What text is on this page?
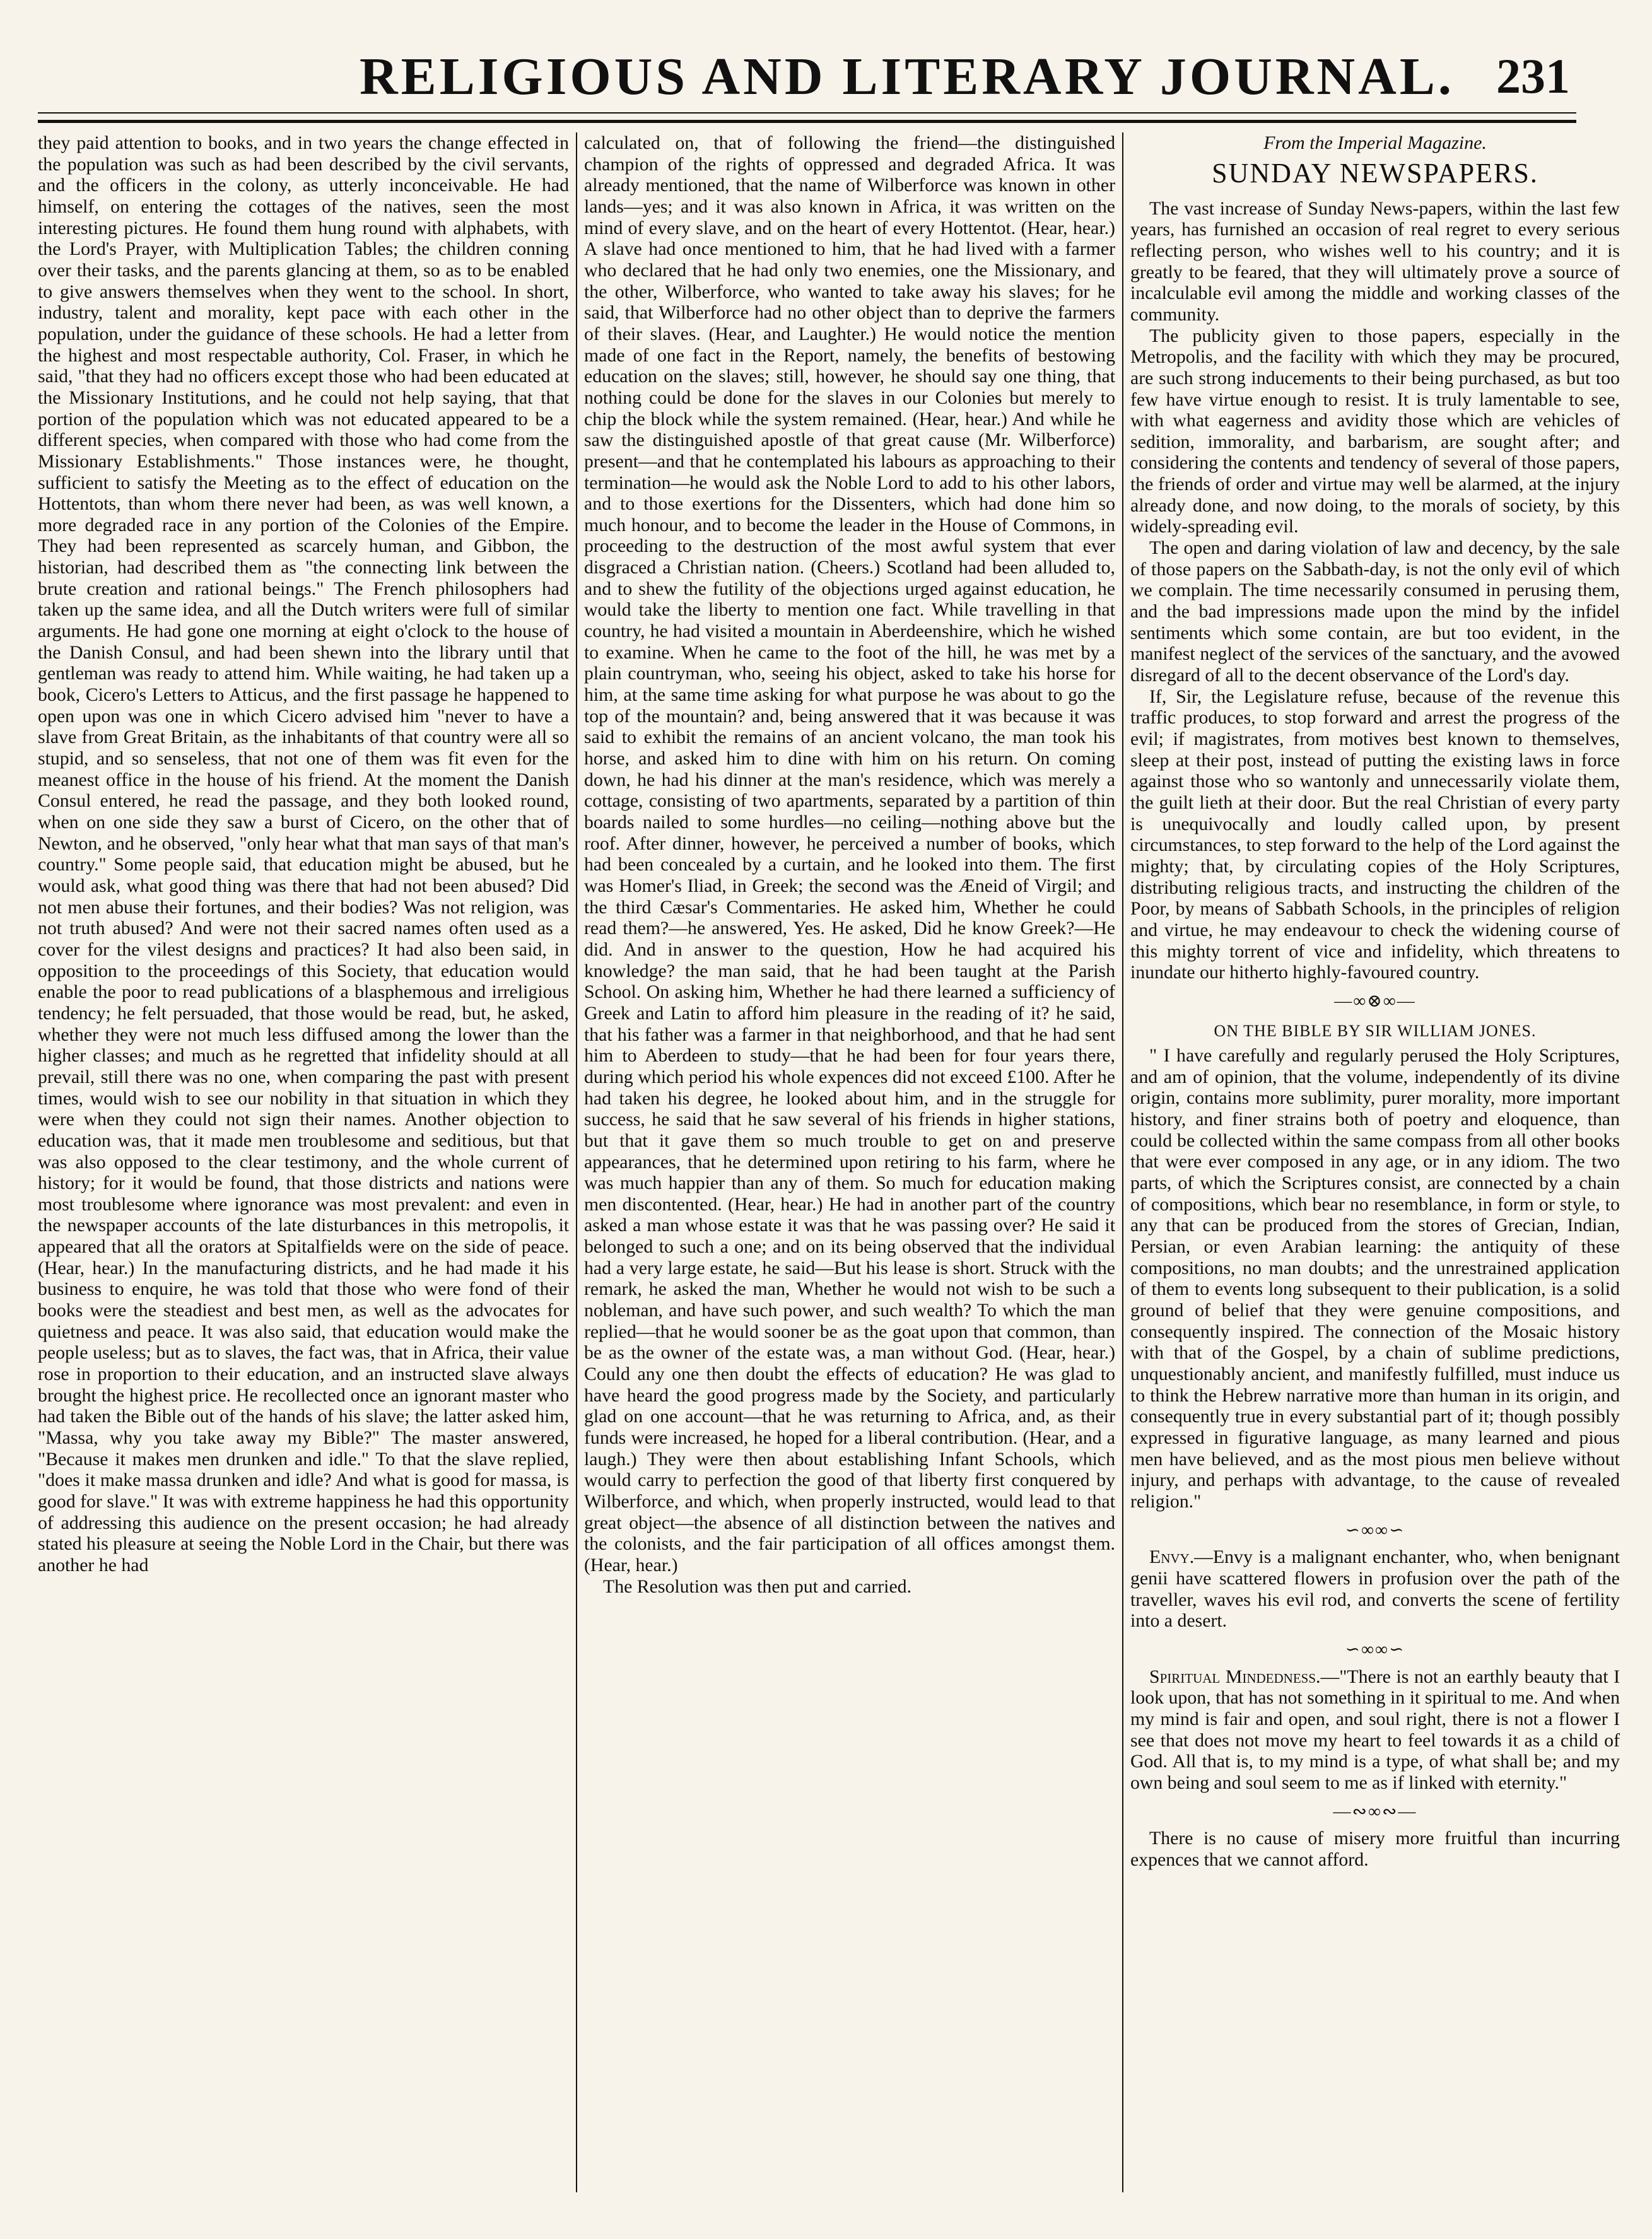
RELIGIOUS AND LITERARY JOURNAL. 231

they paid attention to books, and in two years the change effected in the population was such as had been described by the civil servants, and the officers in the colony, as utterly inconceivable. He had himself, on entering the cottages of the natives, seen the most interesting pictures. He found them hung round with alphabets, with the Lord's Prayer, with Multiplication Tables; the children conning over their tasks, and the parents glancing at them, so as to be enabled to give answers themselves when they went to the school. In short, industry, talent and morality, kept pace with each other in the population, under the guidance of these schools. He had a letter from the highest and most respectable authority, Col. Fraser, in which he said, "that they had no officers except those who had been educated at the Missionary Institutions, and he could not help saying, that that portion of the population which was not educated appeared to be a different species, when compared with those who had come from the Missionary Establishments." Those instances were, he thought, sufficient to satisfy the Meeting as to the effect of education on the Hottentots, than whom there never had been, as was well known, a more degraded race in any portion of the Colonies of the Empire. They had been represented as scarcely human, and Gibbon, the historian, had described them as "the connecting link between the brute creation and rational beings." The French philosophers had taken up the same idea, and all the Dutch writers were full of similar arguments. He had gone one morning at eight o'clock to the house of the Danish Consul, and had been shewn into the library until that gentleman was ready to attend him. While waiting, he had taken up a book, Cicero's Letters to Atticus, and the first passage he happened to open upon was one in which Cicero advised him "never to have a slave from Great Britain, as the inhabitants of that country were all so stupid, and so senseless, that not one of them was fit even for the meanest office in the house of his friend. At the moment the Danish Consul entered, he read the passage, and they both looked round, when on one side they saw a burst of Cicero, on the other that of Newton, and he observed, "only hear what that man says of that man's country." Some people said, that education might be abused, but he would ask, what good thing was there that had not been abused? Did not men abuse their fortunes, and their bodies? Was not religion, was not truth abused? And were not their sacred names often used as a cover for the vilest designs and practices? It had also been said, in opposition to the proceedings of this Society, that education would enable the poor to read publications of a blasphemous and irreligious tendency; he felt persuaded, that those would be read, but, he asked, whether they were not much less diffused among the lower than the higher classes; and much as he regretted that infidelity should at all prevail, still there was no one, when comparing the past with present times, would wish to see our nobility in that situation in which they were when they could not sign their names. Another objection to education was, that it made men troublesome and seditious, but that was also opposed to the clear testimony, and the whole current of history; for it would be found, that those districts and nations were most troublesome where ignorance was most prevalent: and even in the newspaper accounts of the late disturbances in this metropolis, it appeared that all the orators at Spitalfields were on the side of peace. (Hear, hear.) In the manufacturing districts, and he had made it his business to enquire, he was told that those who were fond of their books were the steadiest and best men, as well as the advocates for quietness and peace. It was also said, that education would make the people useless; but as to slaves, the fact was, that in Africa, their value rose in proportion to their education, and an instructed slave always brought the highest price. He recollected once an ignorant master who had taken the Bible out of the hands of his slave; the latter asked him, "Massa, why you take away my Bible?" The master answered, "Because it makes men drunken and idle." To that the slave replied, "does it make massa drunken and idle? And what is good for massa, is good for slave." It was with extreme happiness he had this opportunity of addressing this audience on the present occasion; he had already stated his pleasure at seeing the Noble Lord in the Chair, but there was another he had

calculated on, that of following the friend—the distinguished champion of the rights of oppressed and degraded Africa. It was already mentioned, that the name of Wilberforce was known in other lands—yes; and it was also known in Africa, it was written on the mind of every slave, and on the heart of every Hottentot. (Hear, hear.) A slave had once mentioned to him, that he had lived with a farmer who declared that he had only two enemies, one the Missionary, and the other, Wilberforce, who wanted to take away his slaves; for he said, that Wilberforce had no other object than to deprive the farmers of their slaves. (Hear, and Laughter.) He would notice the mention made of one fact in the Report, namely, the benefits of bestowing education on the slaves; still, however, he should say one thing, that nothing could be done for the slaves in our Colonies but merely to chip the block while the system remained. (Hear, hear.) And while he saw the distinguished apostle of that great cause (Mr. Wilberforce) present—and that he contemplated his labours as approaching to their termination—he would ask the Noble Lord to add to his other labors, and to those exertions for the Dissenters, which had done him so much honour, and to become the leader in the House of Commons, in proceeding to the destruction of the most awful system that ever disgraced a Christian nation. (Cheers.) Scotland had been alluded to, and to shew the futility of the objections urged against education, he would take the liberty to mention one fact. While travelling in that country, he had visited a mountain in Aberdeenshire, which he wished to examine. When he came to the foot of the hill, he was met by a plain countryman, who, seeing his object, asked to take his horse for him, at the same time asking for what purpose he was about to go the top of the mountain? and, being answered that it was because it was said to exhibit the remains of an ancient volcano, the man took his horse, and asked him to dine with him on his return. On coming down, he had his dinner at the man's residence, which was merely a cottage, consisting of two apartments, separated by a partition of thin boards nailed to some hurdles—no ceiling—nothing above but the roof. After dinner, however, he perceived a number of books, which had been concealed by a curtain, and he looked into them. The first was Homer's Iliad, in Greek; the second was the Æneid of Virgil; and the third Cæsar's Commentaries. He asked him, Whether he could read them?—he answered, Yes. He asked, Did he know Greek?—He did. And in answer to the question, How he had acquired his knowledge? the man said, that he had been taught at the Parish School. On asking him, Whether he had there learned a sufficiency of Greek and Latin to afford him pleasure in the reading of it? he said, that his father was a farmer in that neighborhood, and that he had sent him to Aberdeen to study—that he had been for four years there, during which period his whole expences did not exceed £100. After he had taken his degree, he looked about him, and in the struggle for success, he said that he saw several of his friends in higher stations, but that it gave them so much trouble to get on and preserve appearances, that he determined upon retiring to his farm, where he was much happier than any of them. So much for education making men discontented. (Hear, hear.) He had in another part of the country asked a man whose estate it was that he was passing over? He said it belonged to such a one; and on its being observed that the individual had a very large estate, he said—But his lease is short. Struck with the remark, he asked the man, Whether he would not wish to be such a nobleman, and have such power, and such wealth? To which the man replied—that he would sooner be as the goat upon that common, than be as the owner of the estate was, a man without God. (Hear, hear.) Could any one then doubt the effects of education? He was glad to have heard the good progress made by the Society, and particularly glad on one account—that he was returning to Africa, and, as their funds were increased, he hoped for a liberal contribution. (Hear, and a laugh.) They were then about establishing Infant Schools, which would carry to perfection the good of that liberty first conquered by Wilberforce, and which, when properly instructed, would lead to that great object—the absence of all distinction between the natives and the colonists, and the fair participation of all offices amongst them. (Hear, hear.)

The Resolution was then put and carried.

From the Imperial Magazine.
SUNDAY NEWSPAPERS.

The vast increase of Sunday News-papers, within the last few years, has furnished an occasion of real regret to every serious reflecting person, who wishes well to his country; and it is greatly to be feared, that they will ultimately prove a source of incalculable evil among the middle and working classes of the community.

The publicity given to those papers, especially in the Metropolis, and the facility with which they may be procured, are such strong inducements to their being purchased, as but too few have virtue enough to resist. It is truly lamentable to see, with what eagerness and avidity those which are vehicles of sedition, immorality, and barbarism, are sought after; and considering the contents and tendency of several of those papers, the friends of order and virtue may well be alarmed, at the injury already done, and now doing, to the morals of society, by this widely-spreading evil.

The open and daring violation of law and decency, by the sale of those papers on the Sabbath-day, is not the only evil of which we complain. The time necessarily consumed in perusing them, and the bad impressions made upon the mind by the infidel sentiments which some contain, are but too evident, in the manifest neglect of the services of the sanctuary, and the avowed disregard of all to the decent observance of the Lord's day.

If, Sir, the Legislature refuse, because of the revenue this traffic produces, to stop forward and arrest the progress of the evil; if magistrates, from motives best known to themselves, sleep at their post, instead of putting the existing laws in force against those who so wantonly and unnecessarily violate them, the guilt lieth at their door. But the real Christian of every party is unequivocally and loudly called upon, by present circumstances, to step forward to the help of the Lord against the mighty; that, by circulating copies of the Holy Scriptures, distributing religious tracts, and instructing the children of the Poor, by means of Sabbath Schools, in the principles of religion and virtue, he may endeavour to check the widening course of this mighty torrent of vice and infidelity, which threatens to inundate our hitherto highly-favoured country.

—∞⊗∞—
ON THE BIBLE BY SIR WILLIAM JONES.

" I have carefully and regularly perused the Holy Scriptures, and am of opinion, that the volume, independently of its divine origin, contains more sublimity, purer morality, more important history, and finer strains both of poetry and eloquence, than could be collected within the same compass from all other books that were ever composed in any age, or in any idiom. The two parts, of which the Scriptures consist, are connected by a chain of compositions, which bear no resemblance, in form or style, to any that can be produced from the stores of Grecian, Indian, Persian, or even Arabian learning: the antiquity of these compositions, no man doubts; and the unrestrained application of them to events long subsequent to their publication, is a solid ground of belief that they were genuine compositions, and consequently inspired. The connection of the Mosaic history with that of the Gospel, by a chain of sublime predictions, unquestionably ancient, and manifestly fulfilled, must induce us to think the Hebrew narrative more than human in its origin, and consequently true in every substantial part of it; though possibly expressed in figurative language, as many learned and pious men have believed, and as the most pious men believe without injury, and perhaps with advantage, to the cause of revealed religion."

∽∞∞∽

Envy.—Envy is a malignant enchanter, who, when benignant genii have scattered flowers in profusion over the path of the traveller, waves his evil rod, and converts the scene of fertility into a desert.

∽∞∞∽

Spiritual Mindedness.—"There is not an earthly beauty that I look upon, that has not something in it spiritual to me. And when my mind is fair and open, and soul right, there is not a flower I see that does not move my heart to feel towards it as a child of God. All that is, to my mind is a type, of what shall be; and my own being and soul seem to me as if linked with eternity."

—∾∞∾—

There is no cause of misery more fruitful than incurring expences that we cannot afford.
